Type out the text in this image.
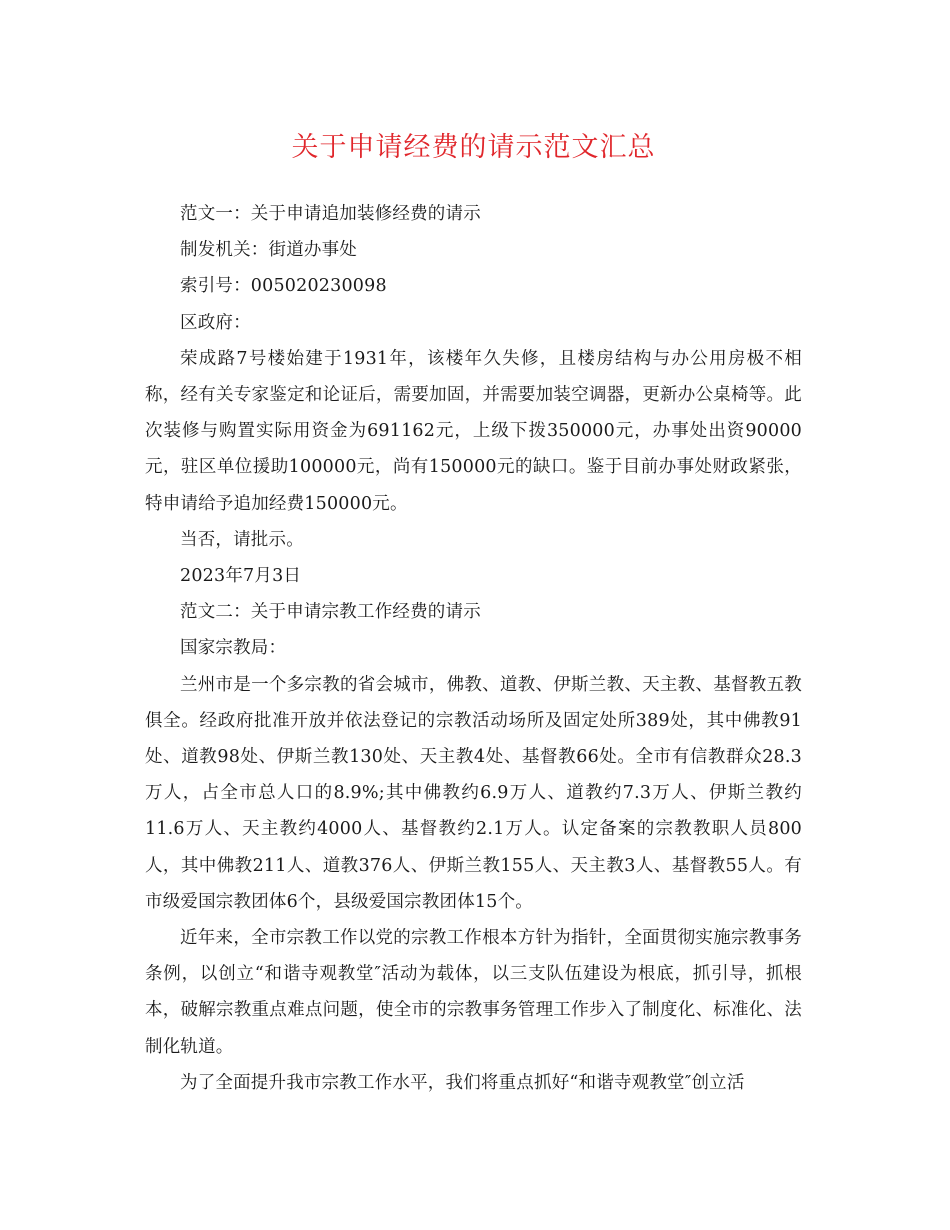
关于申请经费的请示范文汇总

范文一：关于申请追加装修经费的请示

制发机关：街道办事处

索引号：005020230098

区政府：

荣成路7号楼始建于1931年，该楼年久失修，且楼房结构与办公用房极不相称，经有关专家鉴定和论证后，需要加固，并需要加装空调器，更新办公桌椅等。此次装修与购置实际用资金为691162元，上级下拨350000元，办事处出资90000元，驻区单位援助100000元，尚有150000元的缺口。鉴于目前办事处财政紧张，特申请给予追加经费150000元。

当否，请批示。

2023年7月3日

范文二：关于申请宗教工作经费的请示

国家宗教局：

兰州市是一个多宗教的省会城市，佛教、道教、伊斯兰教、天主教、基督教五教俱全。经政府批准开放并依法登记的宗教活动场所及固定处所389处，其中佛教91处、道教98处、伊斯兰教130处、天主教4处、基督教66处。全市有信教群众28.3万人，占全市总人口的8.9%;其中佛教约6.9万人、道教约7.3万人、伊斯兰教约11.6万人、天主教约4000人、基督教约2.1万人。认定备案的宗教教职人员800人，其中佛教211人、道教376人、伊斯兰教155人、天主教3人、基督教55人。有市级爱国宗教团体6个，县级爱国宗教团体15个。

近年来，全市宗教工作以党的宗教工作根本方针为指针，全面贯彻实施宗教事务条例，以创立“和谐寺观教堂″活动为载体，以三支队伍建设为根底，抓引导，抓根本，破解宗教重点难点问题，使全市的宗教事务管理工作步入了制度化、标准化、法制化轨道。

为了全面提升我市宗教工作水平，我们将重点抓好“和谐寺观教堂″创立活
